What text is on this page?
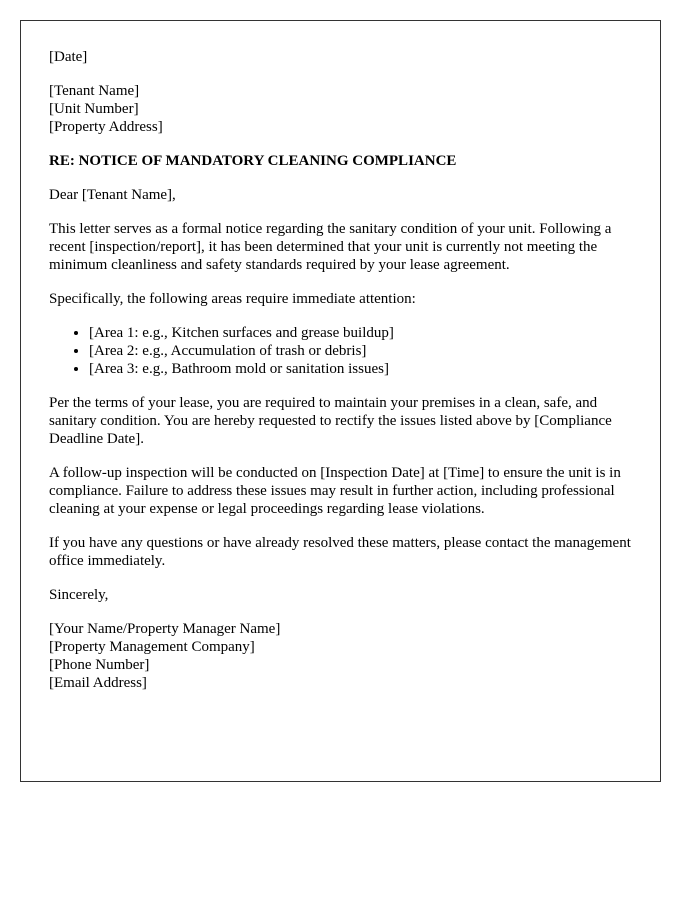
[Date]

[Tenant Name]
[Unit Number]
[Property Address]

RE: NOTICE OF MANDATORY CLEANING COMPLIANCE

Dear [Tenant Name],

This letter serves as a formal notice regarding the sanitary condition of your unit. Following a recent [inspection/report], it has been determined that your unit is currently not meeting the minimum cleanliness and safety standards required by your lease agreement.

Specifically, the following areas require immediate attention:

• [Area 1: e.g., Kitchen surfaces and grease buildup]
• [Area 2: e.g., Accumulation of trash or debris]
• [Area 3: e.g., Bathroom mold or sanitation issues]

Per the terms of your lease, you are required to maintain your premises in a clean, safe, and sanitary condition. You are hereby requested to rectify the issues listed above by [Compliance Deadline Date].

A follow-up inspection will be conducted on [Inspection Date] at [Time] to ensure the unit is in compliance. Failure to address these issues may result in further action, including professional cleaning at your expense or legal proceedings regarding lease violations.

If you have any questions or have already resolved these matters, please contact the management office immediately.

Sincerely,

[Your Name/Property Manager Name]
[Property Management Company]
[Phone Number]
[Email Address]
